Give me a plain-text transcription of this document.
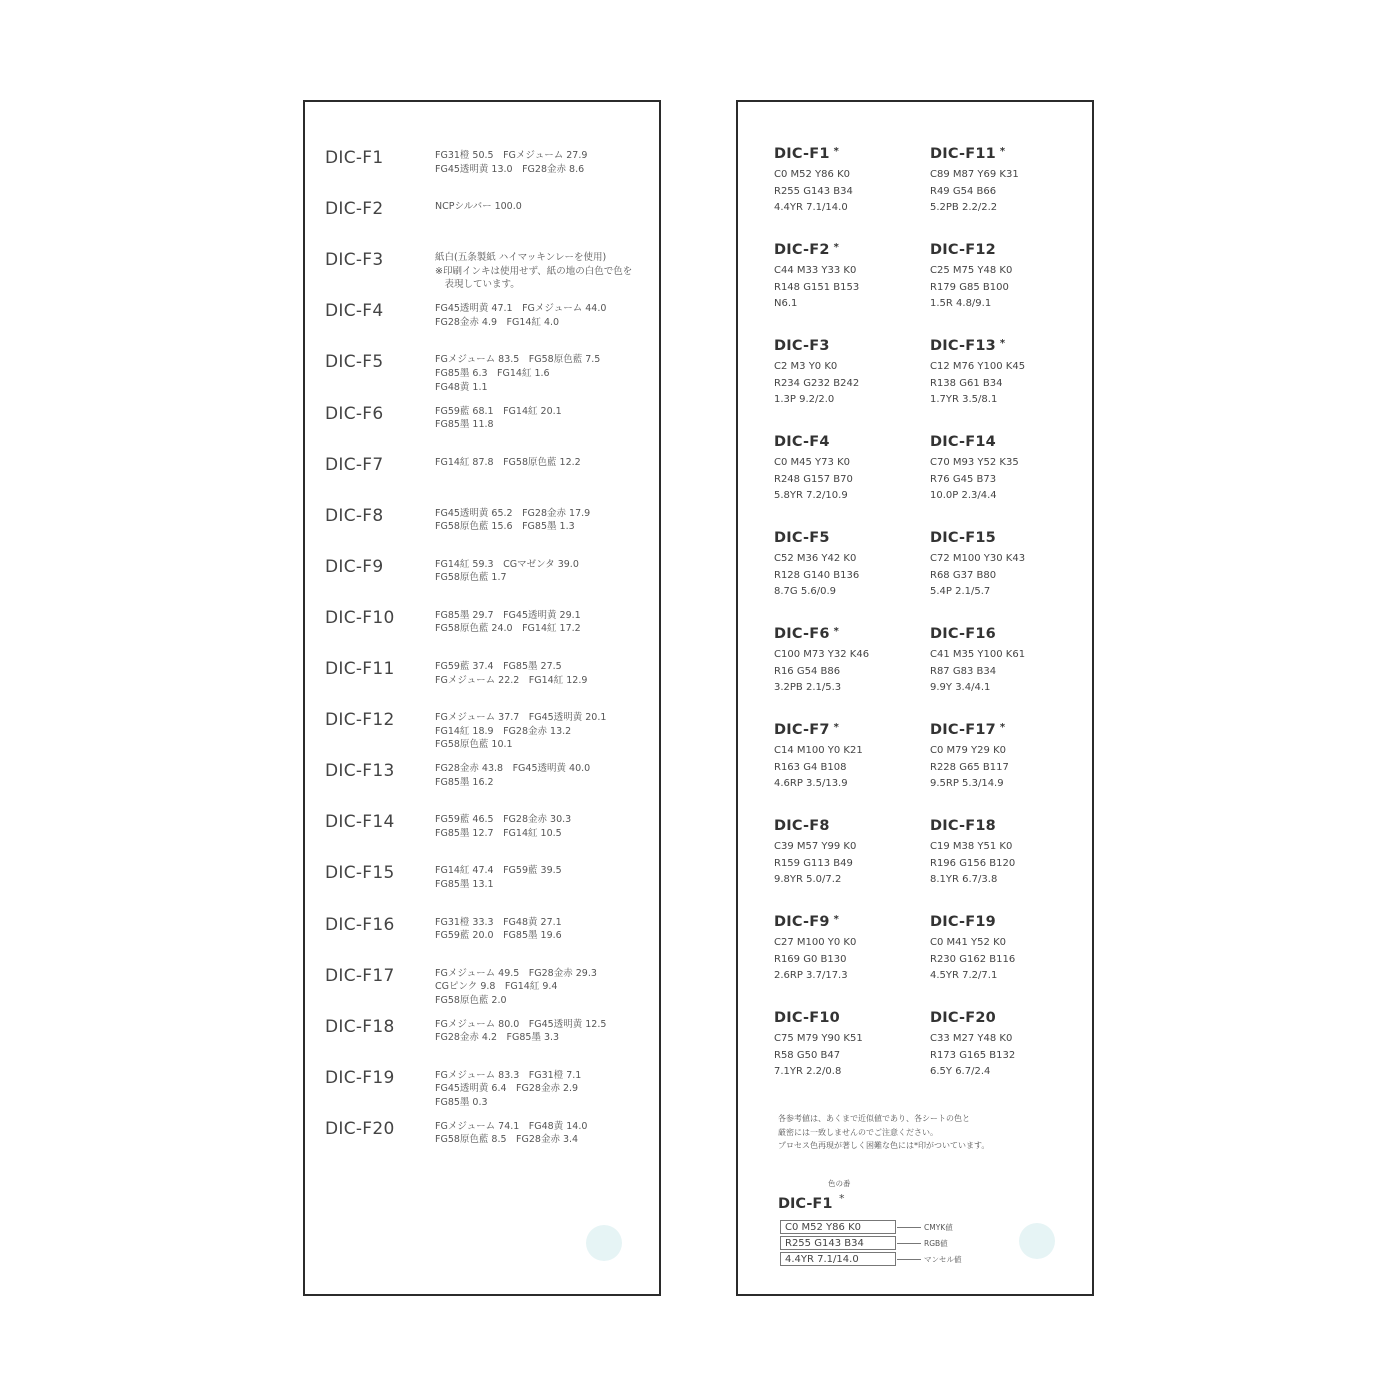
DIC-F1	FG31橙 50.5　FGメジューム 27.9
FG45透明黄 13.0　FG28金赤 8.6
DIC-F2	NCPシルバー 100.0
DIC-F3	紙白(五条製紙 ハイマッキンレーを使用)
※印刷インキは使用せず、紙の地の白色で色を
　表現しています。
DIC-F4	FG45透明黄 47.1　FGメジューム 44.0
FG28金赤 4.9　FG14紅 4.0
DIC-F5	FGメジューム 83.5　FG58原色藍 7.5
FG85墨 6.3　FG14紅 1.6
FG48黄 1.1
DIC-F6	FG59藍 68.1　FG14紅 20.1
FG85墨 11.8
DIC-F7	FG14紅 87.8　FG58原色藍 12.2
DIC-F8	FG45透明黄 65.2　FG28金赤 17.9
FG58原色藍 15.6　FG85墨 1.3
DIC-F9	FG14紅 59.3　CGマゼンタ 39.0
FG58原色藍 1.7
DIC-F10	FG85墨 29.7　FG45透明黄 29.1
FG58原色藍 24.0　FG14紅 17.2
DIC-F11	FG59藍 37.4　FG85墨 27.5
FGメジューム 22.2　FG14紅 12.9
DIC-F12	FGメジューム 37.7　FG45透明黄 20.1
FG14紅 18.9　FG28金赤 13.2
FG58原色藍 10.1
DIC-F13	FG28金赤 43.8　FG45透明黄 40.0
FG85墨 16.2
DIC-F14	FG59藍 46.5　FG28金赤 30.3
FG85墨 12.7　FG14紅 10.5
DIC-F15	FG14紅 47.4　FG59藍 39.5
FG85墨 13.1
DIC-F16	FG31橙 33.3　FG48黄 27.1
FG59藍 20.0　FG85墨 19.6
DIC-F17	FGメジューム 49.5　FG28金赤 29.3
CGピンク 9.8　FG14紅 9.4
FG58原色藍 2.0
DIC-F18	FGメジューム 80.0　FG45透明黄 12.5
FG28金赤 4.2　FG85墨 3.3
DIC-F19	FGメジューム 83.3　FG31橙 7.1
FG45透明黄 6.4　FG28金赤 2.9
FG85墨 0.3
DIC-F20	FGメジューム 74.1　FG48黄 14.0
FG58原色藍 8.5　FG28金赤 3.4
DIC-F1 *
C0 M52 Y86 K0
R255 G143 B34
4.4YR 7.1/14.0
DIC-F2 *
C44 M33 Y33 K0
R148 G151 B153
N6.1
DIC-F3
C2 M3 Y0 K0
R234 G232 B242
1.3P 9.2/2.0
DIC-F4
C0 M45 Y73 K0
R248 G157 B70
5.8YR 7.2/10.9
DIC-F5
C52 M36 Y42 K0
R128 G140 B136
8.7G 5.6/0.9
DIC-F6 *
C100 M73 Y32 K46
R16 G54 B86
3.2PB 2.1/5.3
DIC-F7 *
C14 M100 Y0 K21
R163 G4 B108
4.6RP 3.5/13.9
DIC-F8
C39 M57 Y99 K0
R159 G113 B49
9.8YR 5.0/7.2
DIC-F9 *
C27 M100 Y0 K0
R169 G0 B130
2.6RP 3.7/17.3
DIC-F10
C75 M79 Y90 K51
R58 G50 B47
7.1YR 2.2/0.8
DIC-F11 *
C89 M87 Y69 K31
R49 G54 B66
5.2PB 2.2/2.2
DIC-F12
C25 M75 Y48 K0
R179 G85 B100
1.5R 4.8/9.1
DIC-F13 *
C12 M76 Y100 K45
R138 G61 B34
1.7YR 3.5/8.1
DIC-F14
C70 M93 Y52 K35
R76 G45 B73
10.0P 2.3/4.4
DIC-F15
C72 M100 Y30 K43
R68 G37 B80
5.4P 2.1/5.7
DIC-F16
C41 M35 Y100 K61
R87 G83 B34
9.9Y 3.4/4.1
DIC-F17 *
C0 M79 Y29 K0
R228 G65 B117
9.5RP 5.3/14.9
DIC-F18
C19 M38 Y51 K0
R196 G156 B120
8.1YR 6.7/3.8
DIC-F19
C0 M41 Y52 K0
R230 G162 B116
4.5YR 7.2/7.1
DIC-F20
C33 M27 Y48 K0
R173 G165 B132
6.5Y 6.7/2.4
各参考値は、あくまで近似値であり、各シートの色と
厳密には一致しませんのでご注意ください。
プロセス色再現が著しく困難な色には*印がついています。
色の番
DIC-F1 *
C0 M52 Y86 K0
R255 G143 B34
4.4YR 7.1/14.0
CMYK値
RGB値
マンセル値
